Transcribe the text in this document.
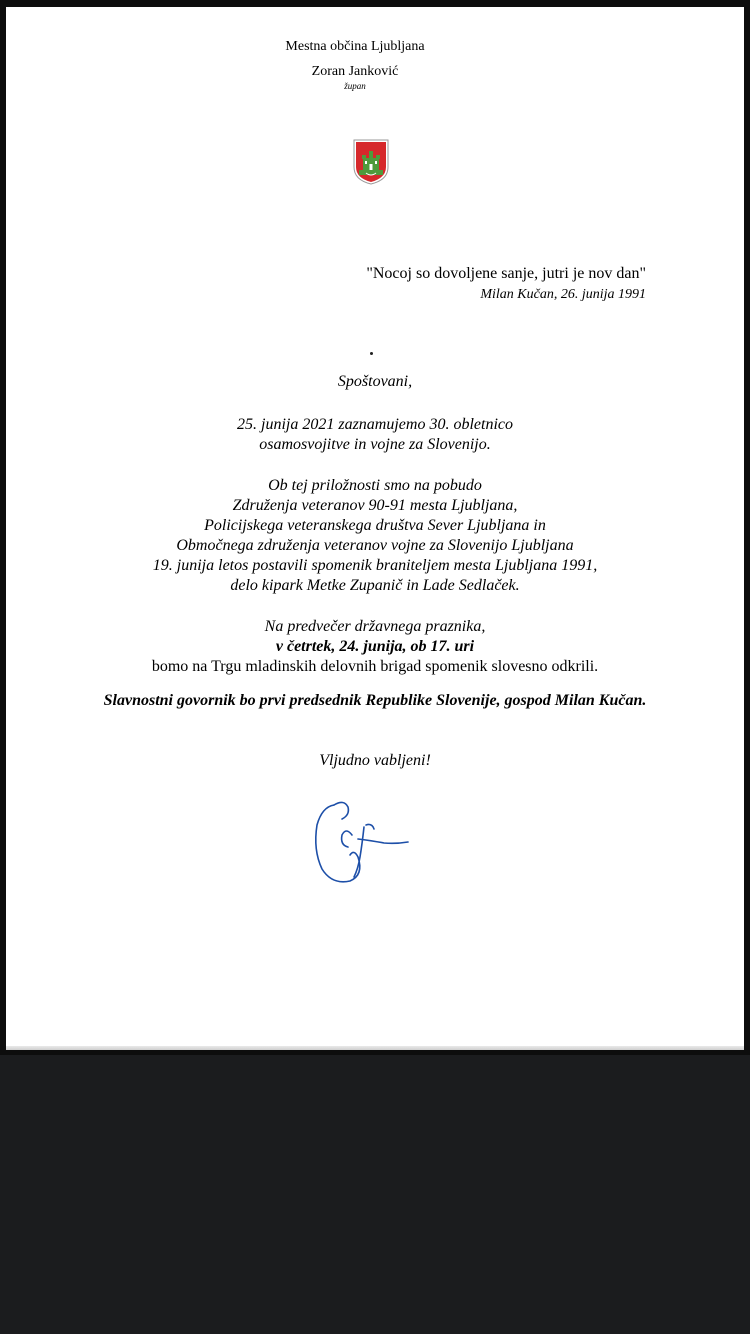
Mestna občina Ljubljana
Zoran Janković
župan
"Nocoj so dovoljene sanje, jutri je nov dan"
Milan Kučan, 26. junija 1991
Spoštovani,
25. junija 2021 zaznamujemo 30. obletnico
osamosvojitve in vojne za Slovenijo.
Ob tej priložnosti smo na pobudo
Združenja veteranov 90-91 mesta Ljubljana,
Policijskega veteranskega društva Sever Ljubljana in
Območnega združenja veteranov vojne za Slovenijo Ljubljana
19. junija letos postavili spomenik braniteljem mesta Ljubljana 1991,
delo kipark Metke Zupanič in Lade Sedlaček.
Na predvečer državnega praznika,
v četrtek, 24. junija, ob 17. uri
bomo na Trgu mladinskih delovnih brigad spomenik slovesno odkrili.
Slavnostni govornik bo prvi predsednik Republike Slovenije, gospod Milan Kučan.
Vljudno vabljeni!
